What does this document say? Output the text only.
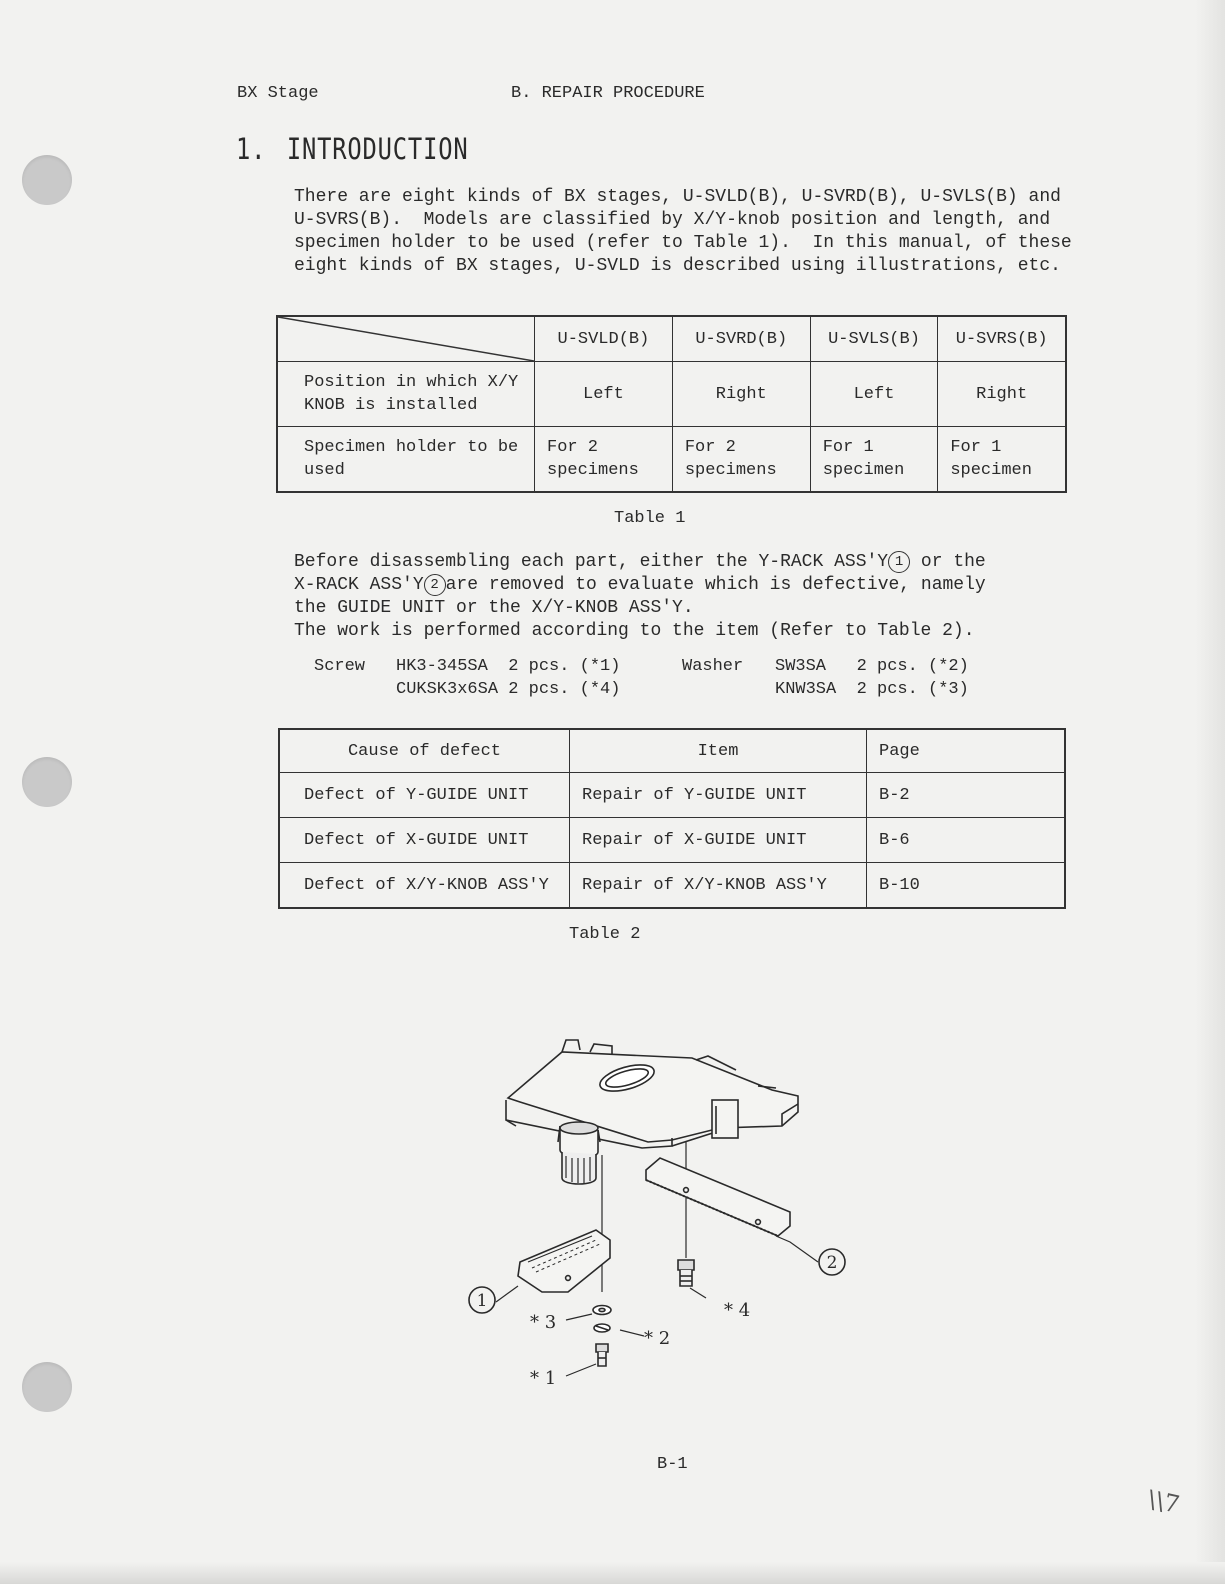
BX Stage	B. REPAIR PROCEDURE
1. INTRODUCTION

There are eight kinds of BX stages, U-SVLD(B), U-SVRD(B), U-SVLS(B) and

U-SVRS(B).  Models are classified by X/Y-knob position and length, and

specimen holder to be used (refer to Table 1).  In this manual, of these

eight kinds of BX stages, U-SVLD is described using illustrations, etc.

	U-SVLD(B)	U-SVRD(B)	U-SVLS(B)	U-SVRS(B)
Position in which X/Y KNOB is installed	Left	Right	Left	Right
Specimen holder to be used	For 2 specimens	For 2 specimens	For 1 specimen	For 1 specimen
Table 1

Before disassembling each part, either the Y-RACK ASS'Y 1 or the

X-RACK ASS'Y 2 are removed to evaluate which is defective, namely

the GUIDE UNIT or the X/Y-KNOB ASS'Y.

The work is performed according to the item (Refer to Table 2).

Screw HK3-345SA  2 pcs. (*1)
CUKSK3x6SA 2 pcs. (*4)
Washer SW3SA   2 pcs. (*2)
KNW3SA  2 pcs. (*3)
Cause of defect	Item	Page
Defect of Y-GUIDE UNIT	Repair of Y-GUIDE UNIT	B-2
Defect of X-GUIDE UNIT	Repair of X-GUIDE UNIT	B-6
Defect of X/Y-KNOB ASS'Y	Repair of X/Y-KNOB ASS'Y	B-10
Table 2
1
2
* 3
* 2
* 1
* 4
B-1
\\7
